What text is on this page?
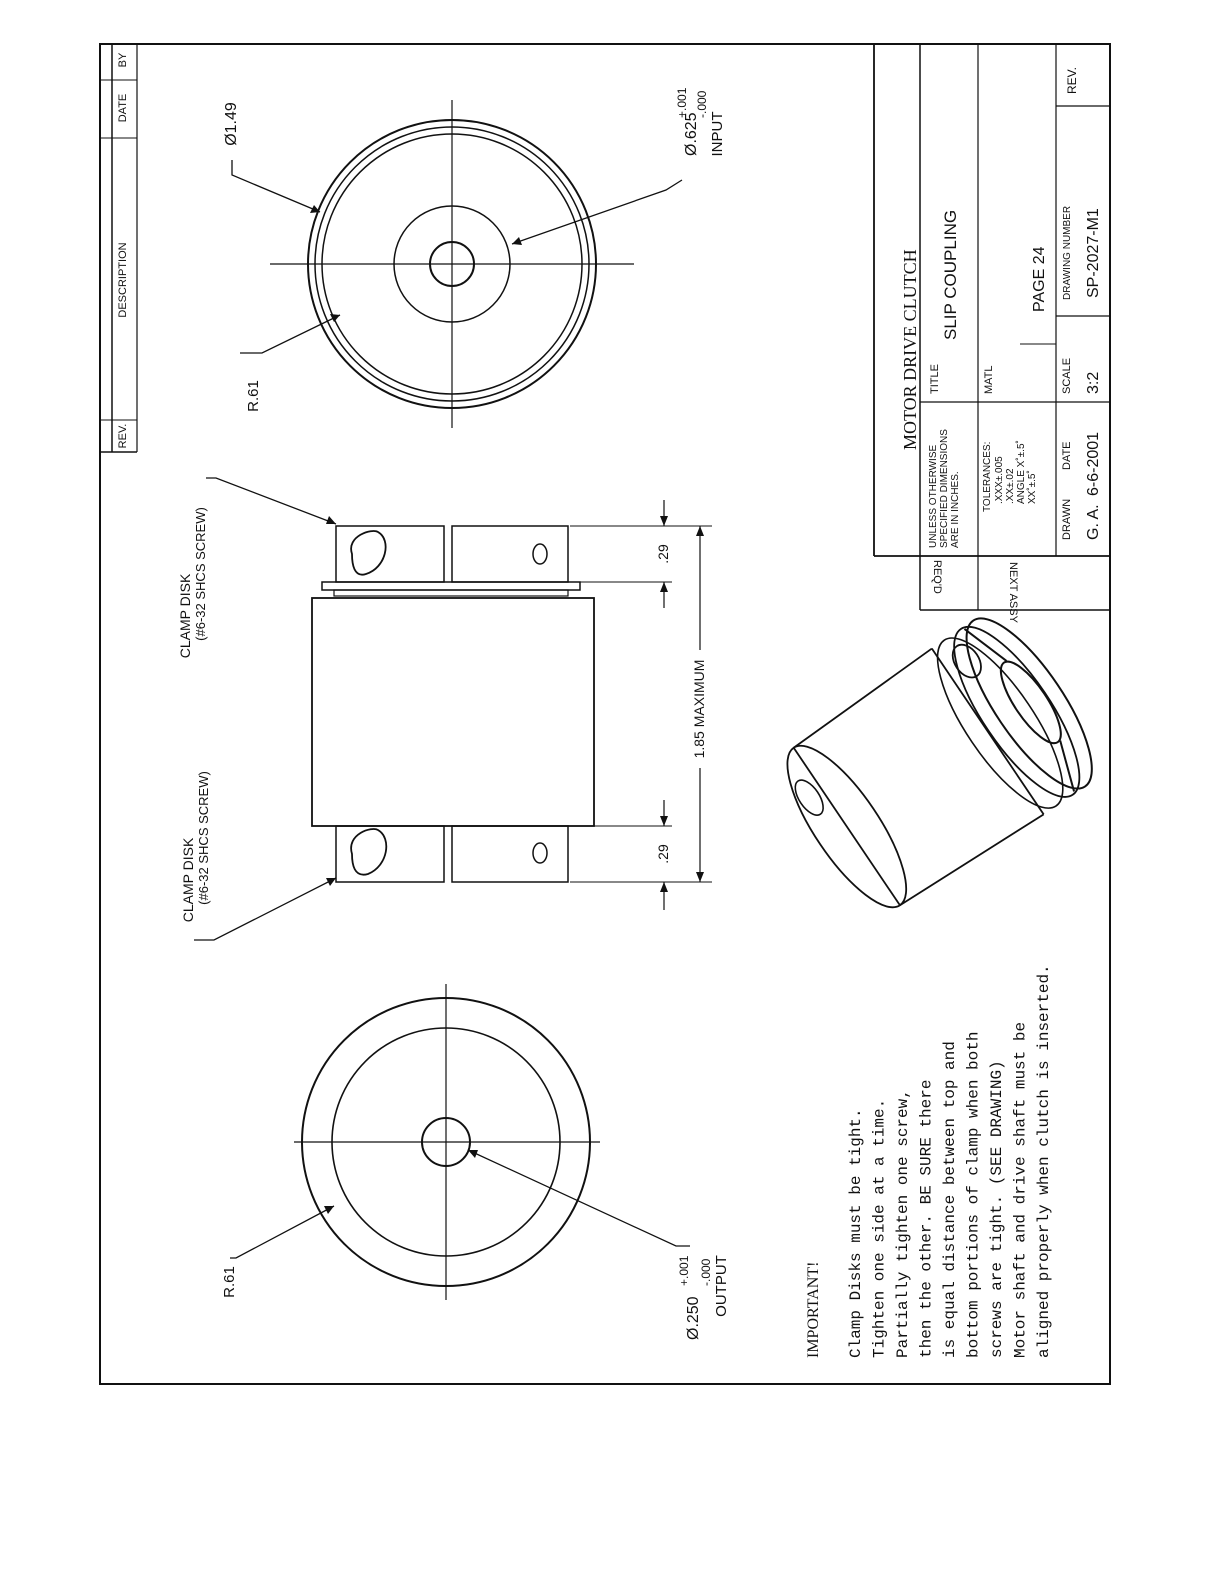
REV.
DESCRIPTION
DATE
BY
R.61
Ø1.49	Ø.625
+.001 -.000
INPUT
CLAMP DISK (#6-32 SHCS SCREW)
CLAMP DISK (#6-32 SHCS SCREW)
.29
.29
1.85 MAXIMUM
R.61
Ø.250
+.001 -.000 OUTPUT	IMPORTANT! Clamp Disks must be tight. Tighten one side at a time. Partially tighten one screw, then the other. BE SURE there is equal distance between top and bottom portions of clamp when both screws are tight. (SEE DRAWING) Motor shaft and drive shaft must be aligned properly when clutch is inserted.
MOTOR DRIVE CLUTCH TITLE
SLIP COUPLING
MATL
PAGE 24
UNLESS OTHERWISE SPECIFIED DIMENSIONS ARE IN INCHES. TOLERANCES: .XXX±.005 .XX±.02 ANGLE X˚±.5˚ XX˚±.5˚
DRAWN G. A.
DATE 6-6-2001
SCALE 3:2
DRAWING NUMBER SP-2027-M1
REV.
REQ'D	NEXT ASSY
